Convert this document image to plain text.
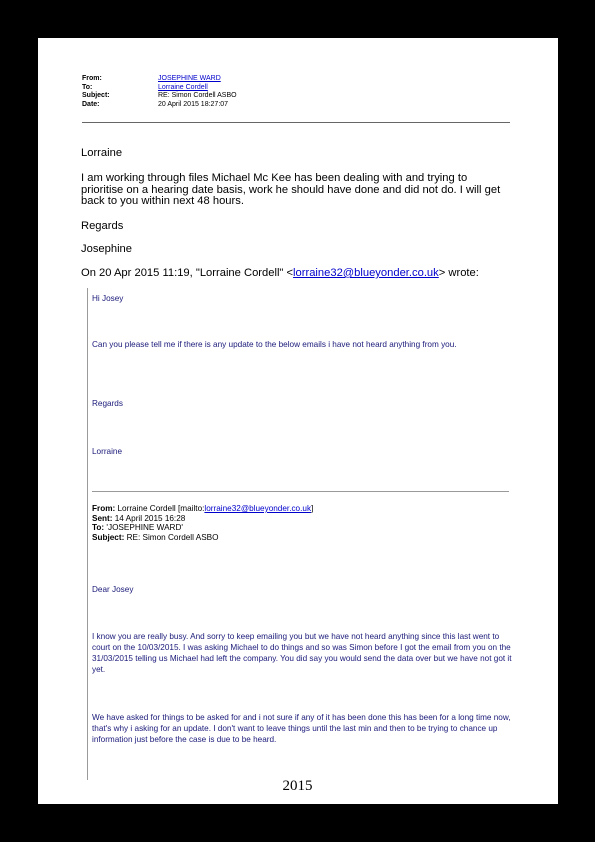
From:	JOSEPHINE WARD
To:	Lorraine Cordell
Subject:	RE: Simon Cordell ASBO
Date:	20 April 2015 18:27:07
Lorraine
I am working through files Michael Mc Kee has been dealing with and trying to prioritise on a hearing date basis, work he should have done and did not do. I will get back to you within next 48 hours.
Regards
Josephine
On 20 Apr 2015 11:19, "Lorraine Cordell" <lorraine32@blueyonder.co.uk> wrote:
Hi Josey
Can you please tell me if there is any update to the below emails i have not heard anything from you.
Regards
Lorraine
From: Lorraine Cordell [mailto:lorraine32@blueyonder.co.uk]
Sent: 14 April 2015 16:28
To: 'JOSEPHINE WARD'
Subject: RE: Simon Cordell ASBO
Dear Josey
I know you are really busy. And sorry to keep emailing you but we have not heard anything since this last went to court on the 10/03/2015. I was asking Michael to do things and so was Simon before I got the email from you on the 31/03/2015 telling us Michael had left the company. You did say you would send the data over but we have not got it yet.
We have asked for things to be asked for and i not sure if any of it has been done this has been for a long time now, that's why i asking for an update. I don't want to leave things until the last min and then to be trying to chance up information just before the case is due to be heard.
2015
